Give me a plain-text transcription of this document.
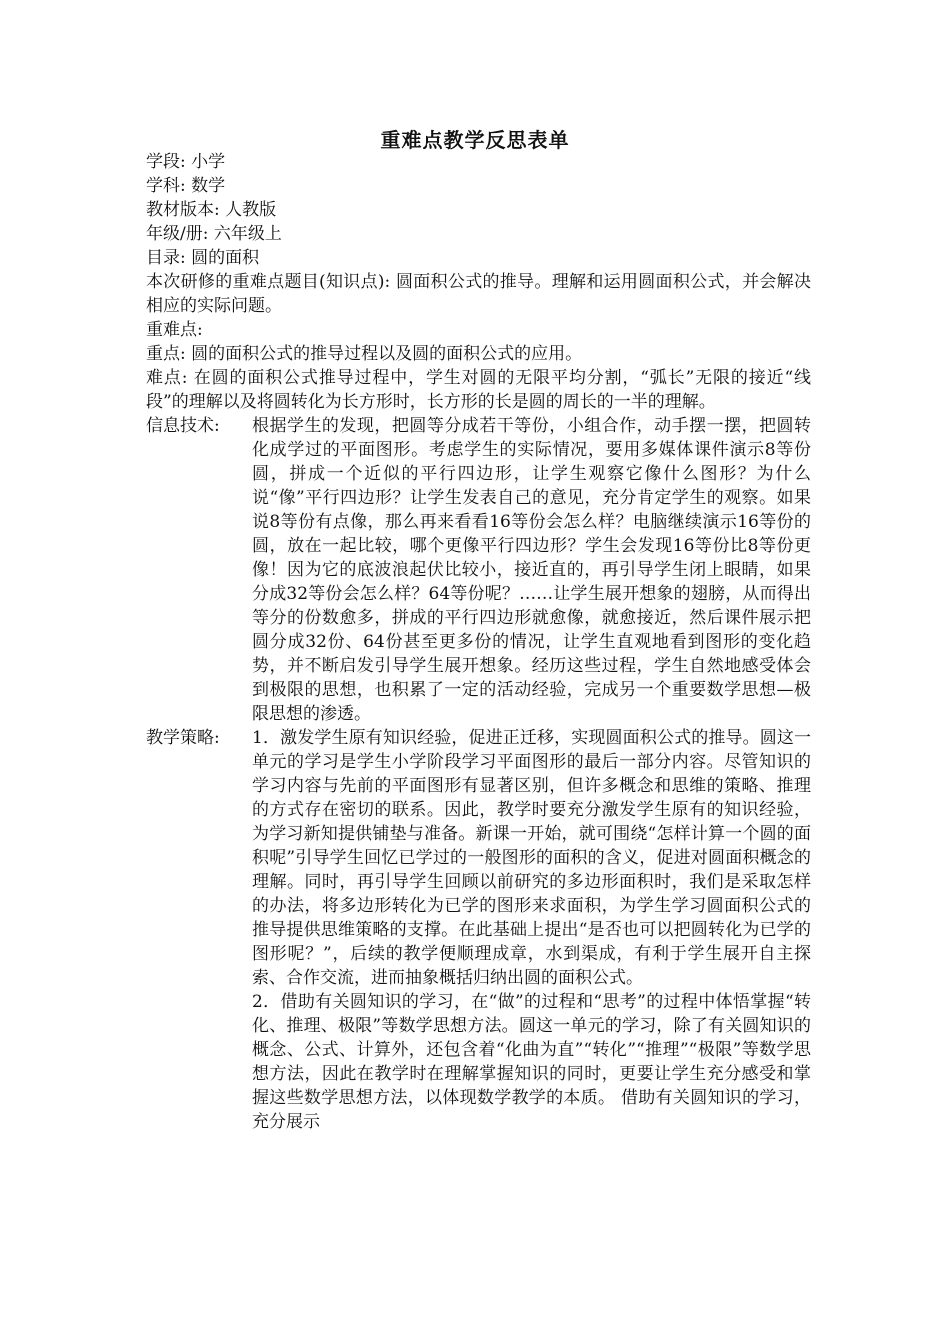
重难点教学反思表单
学段: 小学
学科: 数学
教材版本: 人教版
年级/册: 六年级上
目录: 圆的面积
本次研修的重难点题目(知识点): 圆面积公式的推导。理解和运用圆面积公式，并会解决相应的实际问题。
重难点:
重点: 圆的面积公式的推导过程以及圆的面积公式的应用。
难点: 在圆的面积公式推导过程中，学生对圆的无限平均分割，“弧长”无限的接近“线段”的理解以及将圆转化为长方形时，长方形的长是圆的周长的一半的理解。
信息技术:	根据学生的发现，把圆等分成若干等份，小组合作，动手摆一摆，把圆转化成学过的平面图形。考虑学生的实际情况，要用多媒体课件演示8等份圆，拼成一个近似的平行四边形，让学生观察它像什么图形？为什么说“像”平行四边形？让学生发表自己的意见，充分肯定学生的观察。如果说8等份有点像，那么再来看看16等份会怎么样？电脑继续演示16等份的圆，放在一起比较，哪个更像平行四边形？学生会发现16等份比8等份更像！因为它的底波浪起伏比较小，接近直的，再引导学生闭上眼睛，如果分成32等份会怎么样？64等份呢？……让学生展开想象的翅膀，从而得出等分的份数愈多，拼成的平行四边形就愈像，就愈接近，然后课件展示把圆分成32份、64份甚至更多份的情况，让学生直观地看到图形的变化趋势，并不断启发引导学生展开想象。经历这些过程，学生自然地感受体会到极限的思想，也积累了一定的活动经验，完成另一个重要数学思想—极限思想的渗透。
教学策略:	1．激发学生原有知识经验，促进正迁移，实现圆面积公式的推导。圆这一单元的学习是学生小学阶段学习平面图形的最后一部分内容。尽管知识的学习内容与先前的平面图形有显著区别，但许多概念和思维的策略、推理的方式存在密切的联系。因此，教学时要充分激发学生原有的知识经验，为学习新知提供铺垫与准备。新课一开始，就可围绕“怎样计算一个圆的面积呢”引导学生回忆已学过的一般图形的面积的含义，促进对圆面积概念的理解。同时，再引导学生回顾以前研究的多边形面积时，我们是采取怎样的办法，将多边形转化为已学的图形来求面积，为学生学习圆面积公式的推导提供思维策略的支撑。在此基础上提出“是否也可以把圆转化为已学的图形呢？”，后续的教学便顺理成章，水到渠成，有利于学生展开自主探索、合作交流，进而抽象概括归纳出圆的面积公式。

2．借助有关圆知识的学习，在“做”的过程和“思考”的过程中体悟掌握“转化、推理、极限”等数学思想方法。圆这一单元的学习，除了有关圆知识的概念、公式、计算外，还包含着“化曲为直”“转化”“推理”“极限”等数学思想方法，因此在教学时在理解掌握知识的同时，更要让学生充分感受和掌握这些数学思想方法，以体现数学教学的本质。 借助有关圆知识的学习，充分展示
